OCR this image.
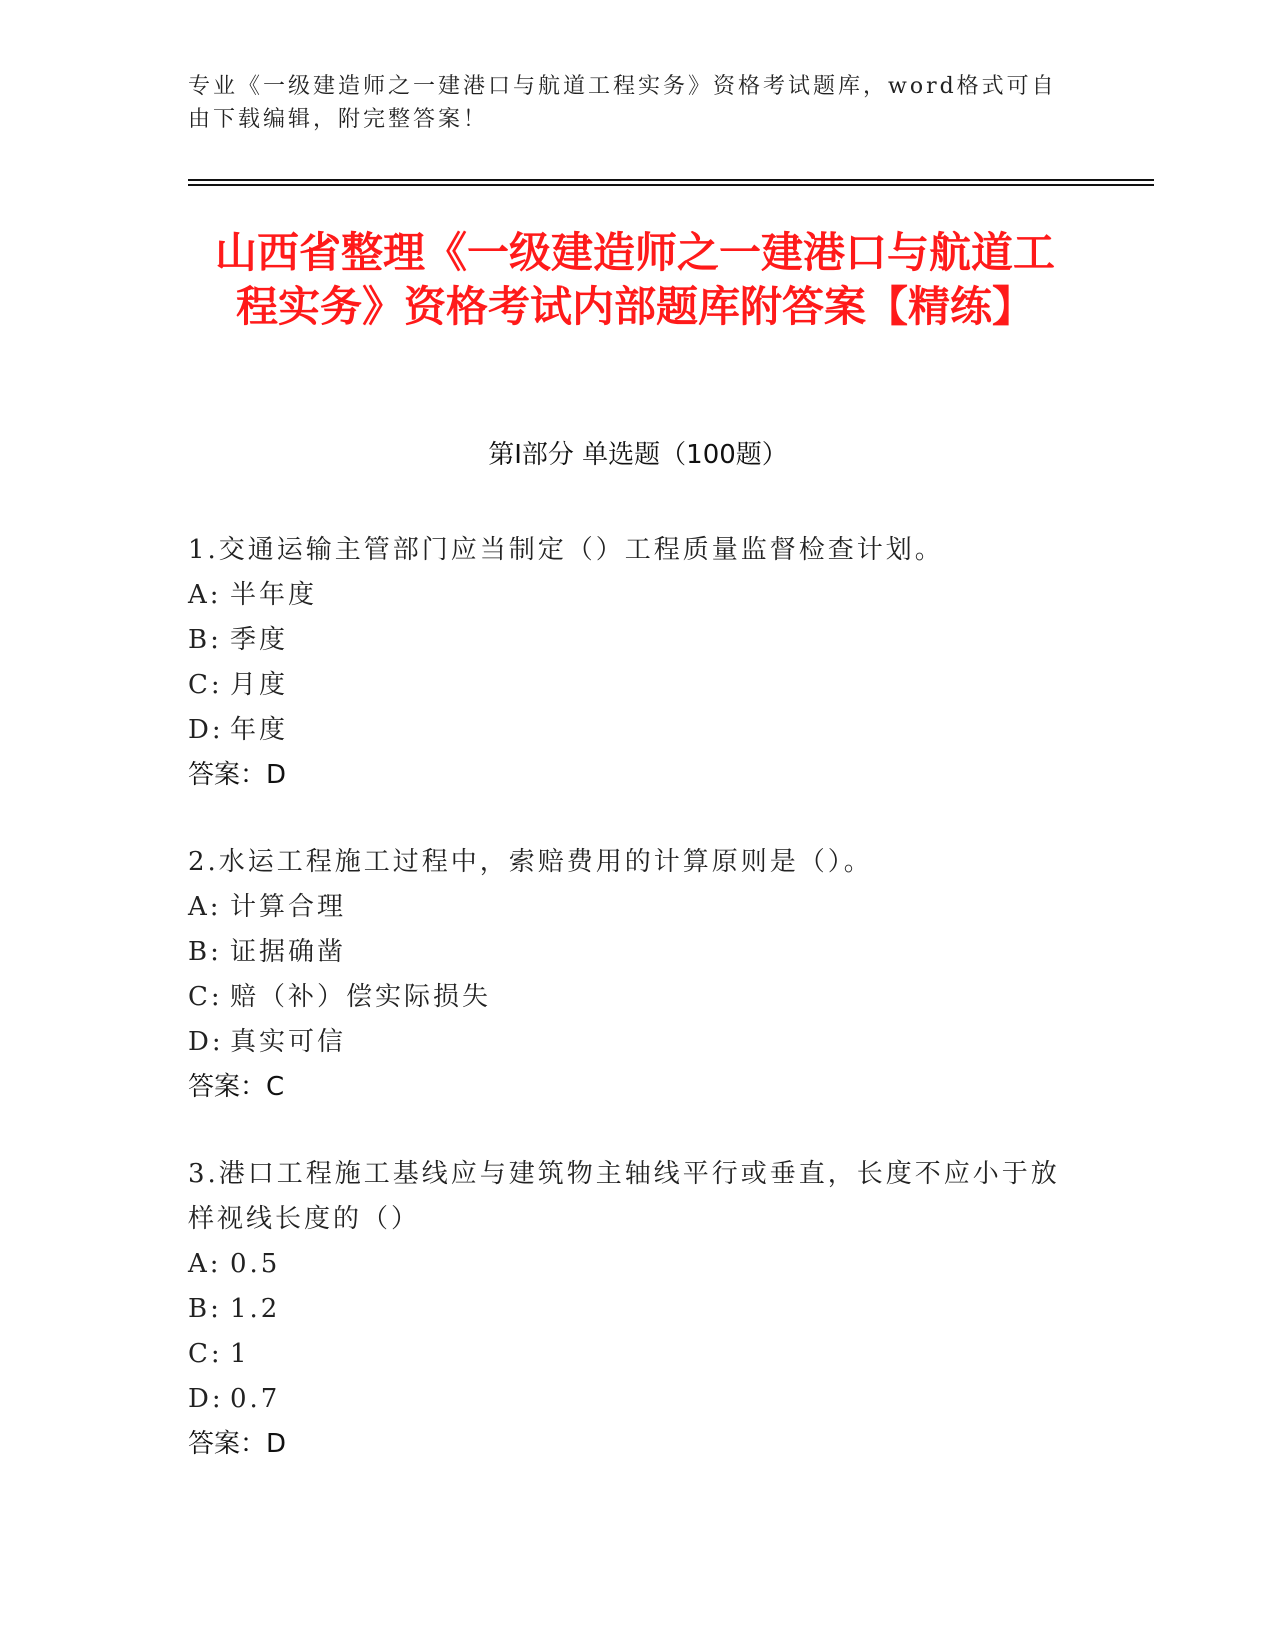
专业《一级建造师之一建港口与航道工程实务》资格考试题库，word格式可自由下载编辑，附完整答案！
山西省整理《一级建造师之一建港口与航道工程实务》资格考试内部题库附答案【精练】
第Ⅰ部分 单选题（100题）

1.交通运输主管部门应当制定（）工程质量监督检查计划。

A: 半年度

B: 季度

C: 月度

D: 年度

答案：D

2.水运工程施工过程中，索赔费用的计算原则是（）。

A: 计算合理

B: 证据确凿

C: 赔（补）偿实际损失

D: 真实可信

答案：C

3.港口工程施工基线应与建筑物主轴线平行或垂直，长度不应小于放样视线长度的（）

A: 0.5

B: 1.2

C: 1

D: 0.7

答案：D
